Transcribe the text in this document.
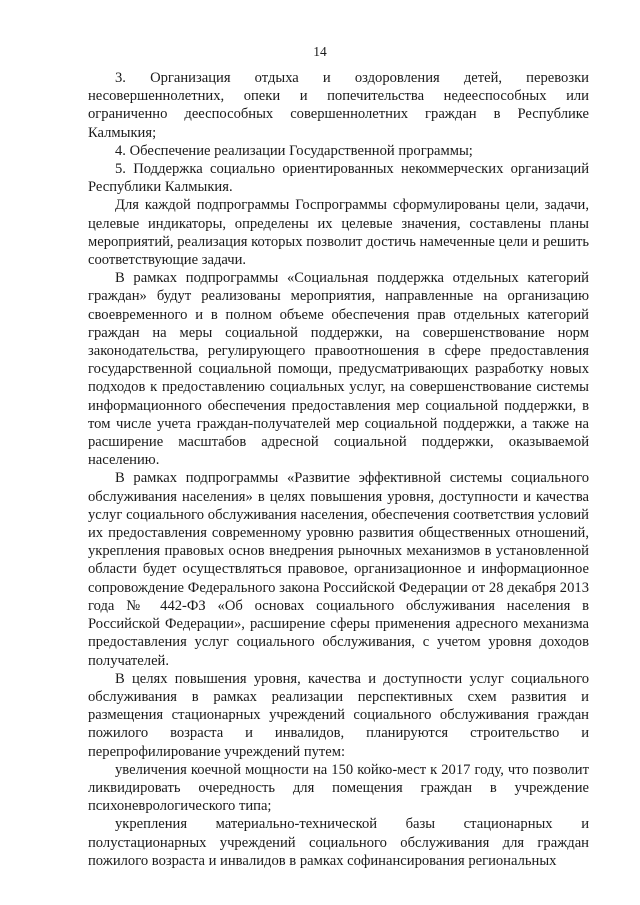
14

3. Организация отдыха и оздоровления детей, перевозки несовершеннолетних, опеки и попечительства недееспособных или ограниченно дееспособных совершеннолетних граждан в Республике Калмыкия;

4. Обеспечение реализации Государственной программы;

5. Поддержка социально ориентированных некоммерческих организаций Республики Калмыкия.

Для каждой подпрограммы Госпрограммы сформулированы цели, задачи, целевые индикаторы, определены их целевые значения, составлены планы мероприятий, реализация которых позволит достичь намеченные цели и решить соответствующие задачи.

В рамках подпрограммы «Социальная поддержка отдельных категорий граждан» будут реализованы мероприятия, направленные на организацию своевременного и в полном объеме обеспечения прав отдельных категорий граждан на меры социальной поддержки, на совершенствование норм законодательства, регулирующего правоотношения в сфере предоставления государственной социальной помощи, предусматривающих разработку новых подходов к предоставлению социальных услуг, на совершенствование системы информационного обеспечения предоставления мер социальной поддержки, в том числе учета граждан-получателей мер социальной поддержки, а также на расширение масштабов адресной социальной поддержки, оказываемой населению.

В рамках подпрограммы «Развитие эффективной системы социального обслуживания населения» в целях повышения уровня, доступности и качества услуг социального обслуживания населения, обеспечения соответствия условий их предоставления современному уровню развития общественных отношений, укрепления правовых основ внедрения рыночных механизмов в установленной области будет осуществляться правовое, организационное и информационное сопровождение Федерального закона Российской Федерации от 28 декабря 2013 года № 442-ФЗ «Об основах социального обслуживания населения в Российской Федерации», расширение сферы применения адресного механизма предоставления услуг социального обслуживания, с учетом уровня доходов получателей.

В целях повышения уровня, качества и доступности услуг социального обслуживания в рамках реализации перспективных схем развития и размещения стационарных учреждений социального обслуживания граждан пожилого возраста и инвалидов, планируются строительство и перепрофилирование учреждений путем:

увеличения коечной мощности на 150 койко-мест к 2017 году, что позволит ликвидировать очередность для помещения граждан в учреждение психоневрологического типа;

укрепления материально-технической базы стационарных и полустационарных учреждений социального обслуживания для граждан пожилого возраста и инвалидов в рамках софинансирования региональных
